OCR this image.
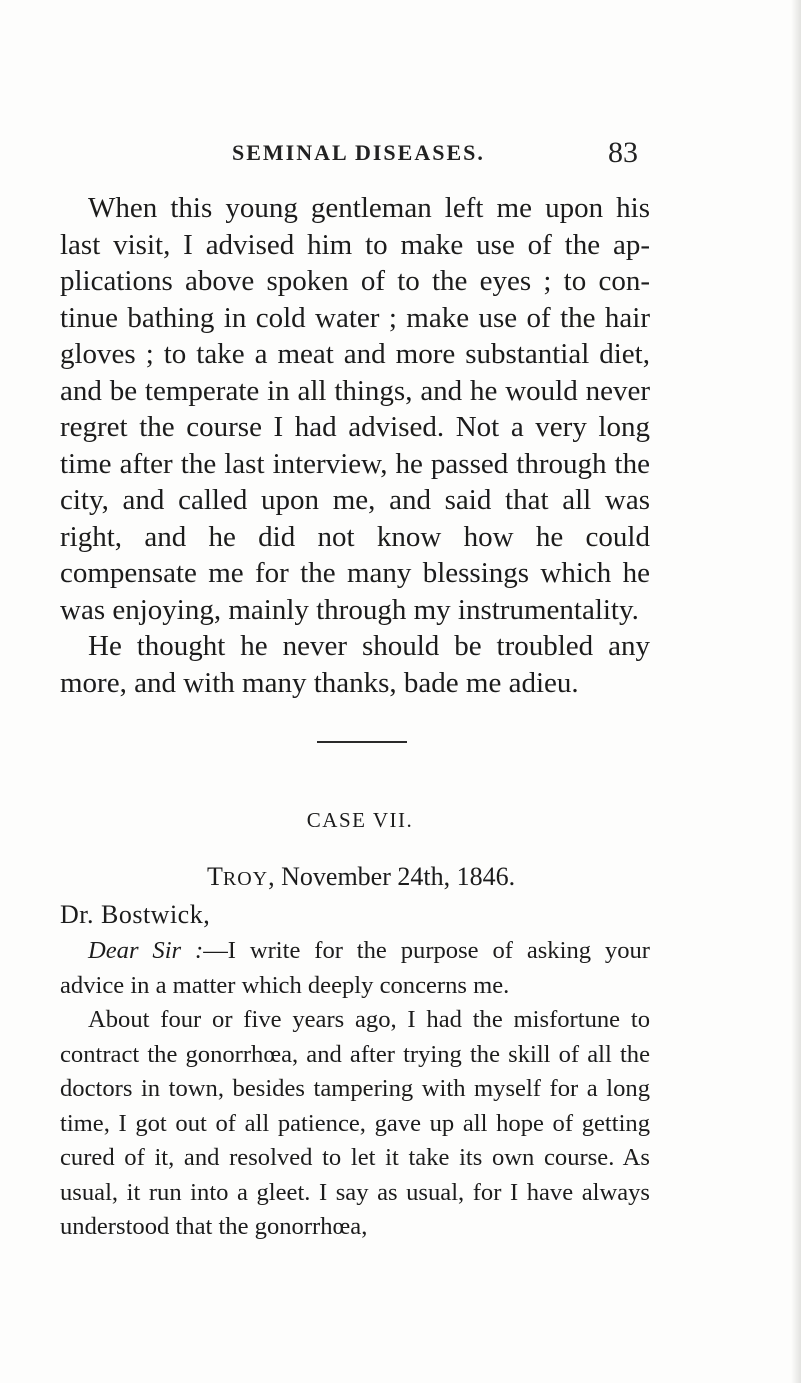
SEMINAL DISEASES.	83

When this young gentleman left me upon his last visit, I advised him to make use of the applications above spoken of to the eyes ; to continue bathing in cold water ; make use of the hair gloves ; to take a meat and more substantial diet, and be temperate in all things, and he would never regret the course I had advised. Not a very long time after the last interview, he passed through the city, and called upon me, and said that all was right, and he did not know how he could compensate me for the many blessings which he was enjoying, mainly through my instrumentality.

He thought he never should be troubled any more, and with many thanks, bade me adieu.

CASE VII.
TROY, November 24th, 1846.
Dr. Bostwick,

Dear Sir :—I write for the purpose of asking your advice in a matter which deeply concerns me.

About four or five years ago, I had the misfortune to contract the gonorrhœa, and after trying the skill of all the doctors in town, besides tampering with myself for a long time, I got out of all patience, gave up all hope of getting cured of it, and resolved to let it take its own course. As usual, it run into a gleet. I say as usual, for I have always understood that the gonorrhœa,
